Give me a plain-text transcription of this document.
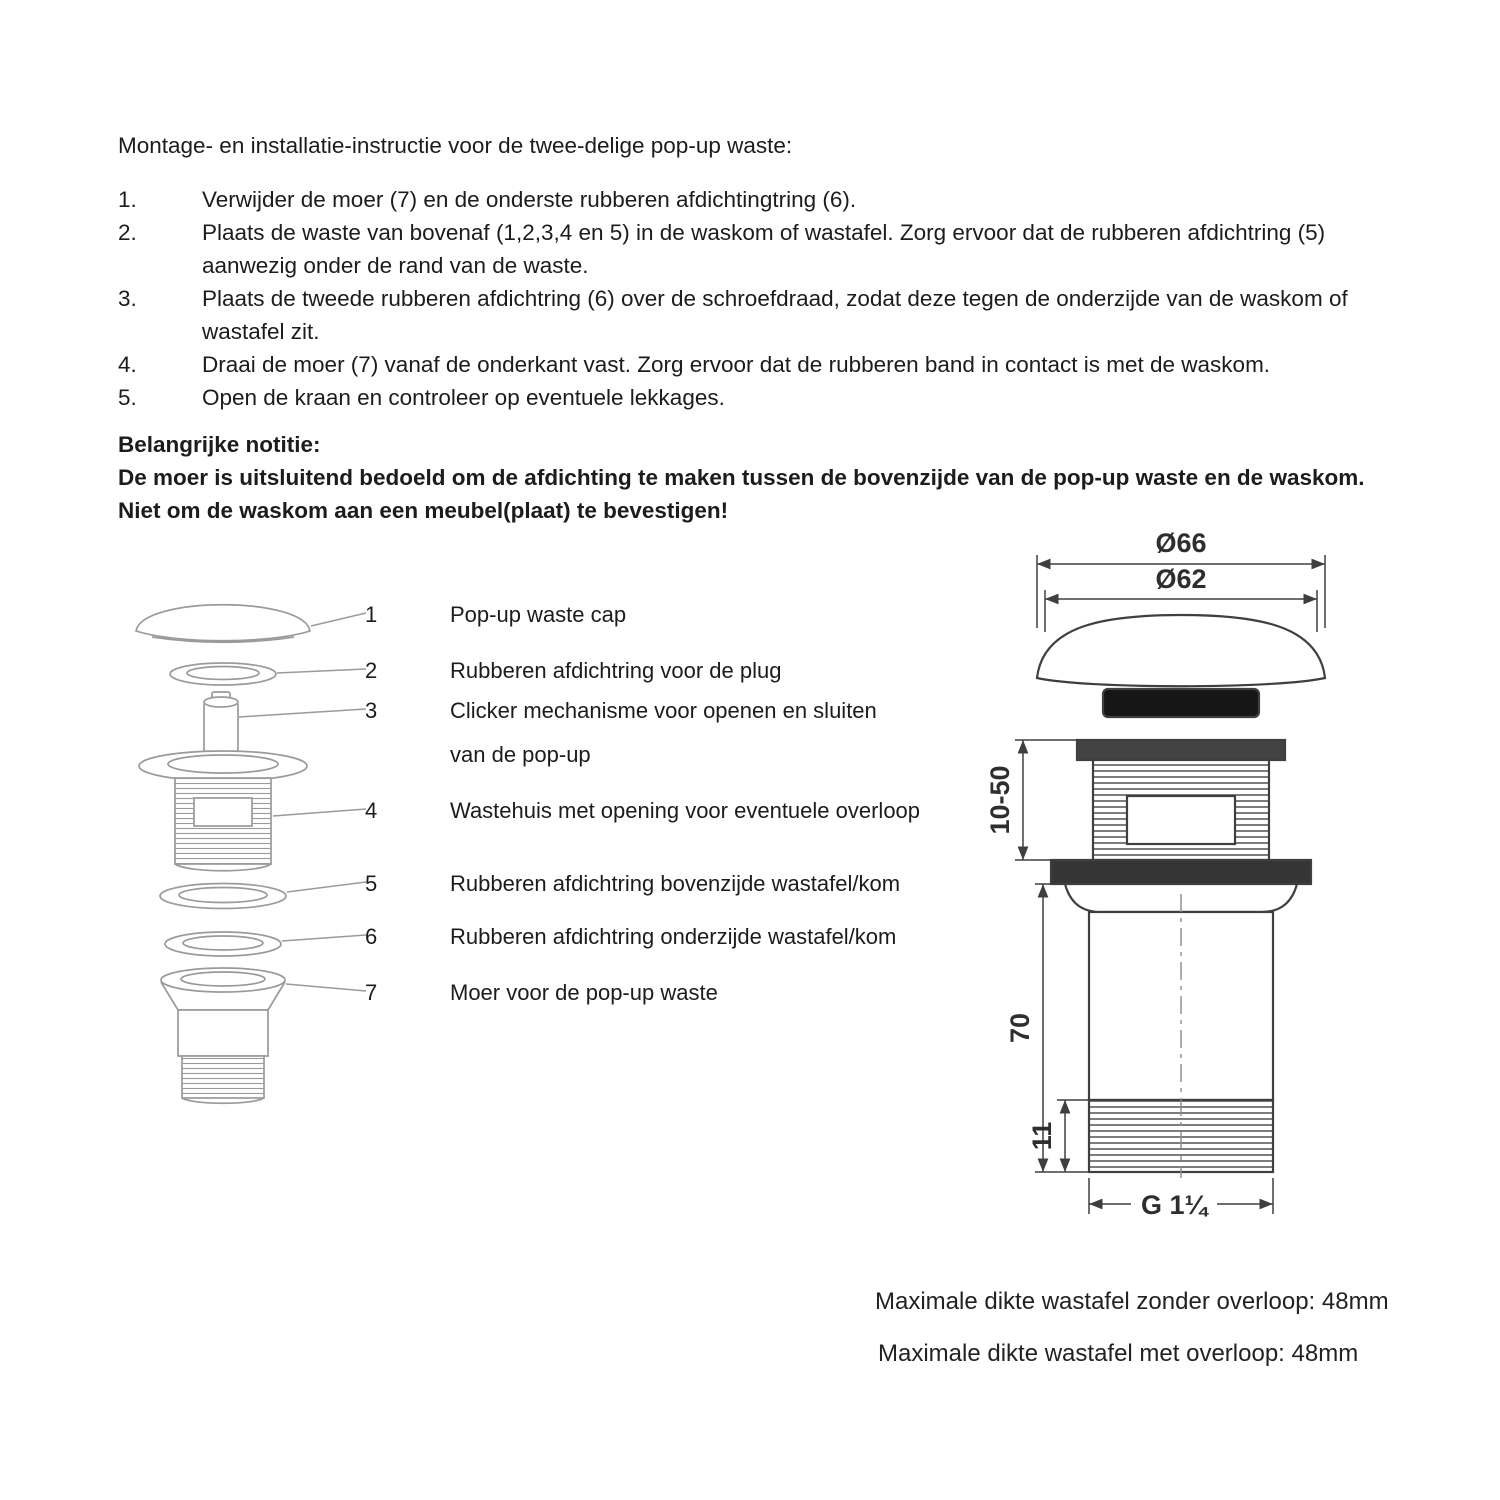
Montage- en installatie-instructie voor de twee-delige pop-up waste:
1.	Verwijder de moer (7) en de onderste rubberen afdichtingtring (6).
2.	Plaats de waste van bovenaf (1,2,3,4 en 5) in de waskom of wastafel. Zorg ervoor dat de rubberen afdichtring (5) aanwezig onder de rand van de waste.
3.	Plaats de tweede rubberen afdichtring (6) over de schroefdraad, zodat deze tegen de onderzijde van de waskom of wastafel zit.
4.	Draai de moer (7) vanaf de onderkant vast. Zorg ervoor dat de rubberen band in contact is met de waskom.
5.	Open de kraan en controleer op eventuele lekkages.
Belangrijke notitie:
De moer is uitsluitend bedoeld om de afdichting te maken tussen de bovenzijde van de pop-up waste en de waskom.
Niet om de waskom aan een meubel(plaat) te bevestigen!
1	Pop-up waste cap
2	Rubberen afdichtring voor de plug
3	Clicker mechanisme voor openen en sluiten
van de pop-up
4	Wastehuis met opening voor eventuele overloop
5	Rubberen afdichtring bovenzijde wastafel/kom
6	Rubberen afdichtring onderzijde wastafel/kom
7	Moer voor de pop-up waste
Ø66
Ø62
10-50
70
11
G 1¼
Maximale dikte wastafel zonder overloop: 48mm
Maximale dikte wastafel met overloop: 48mm
